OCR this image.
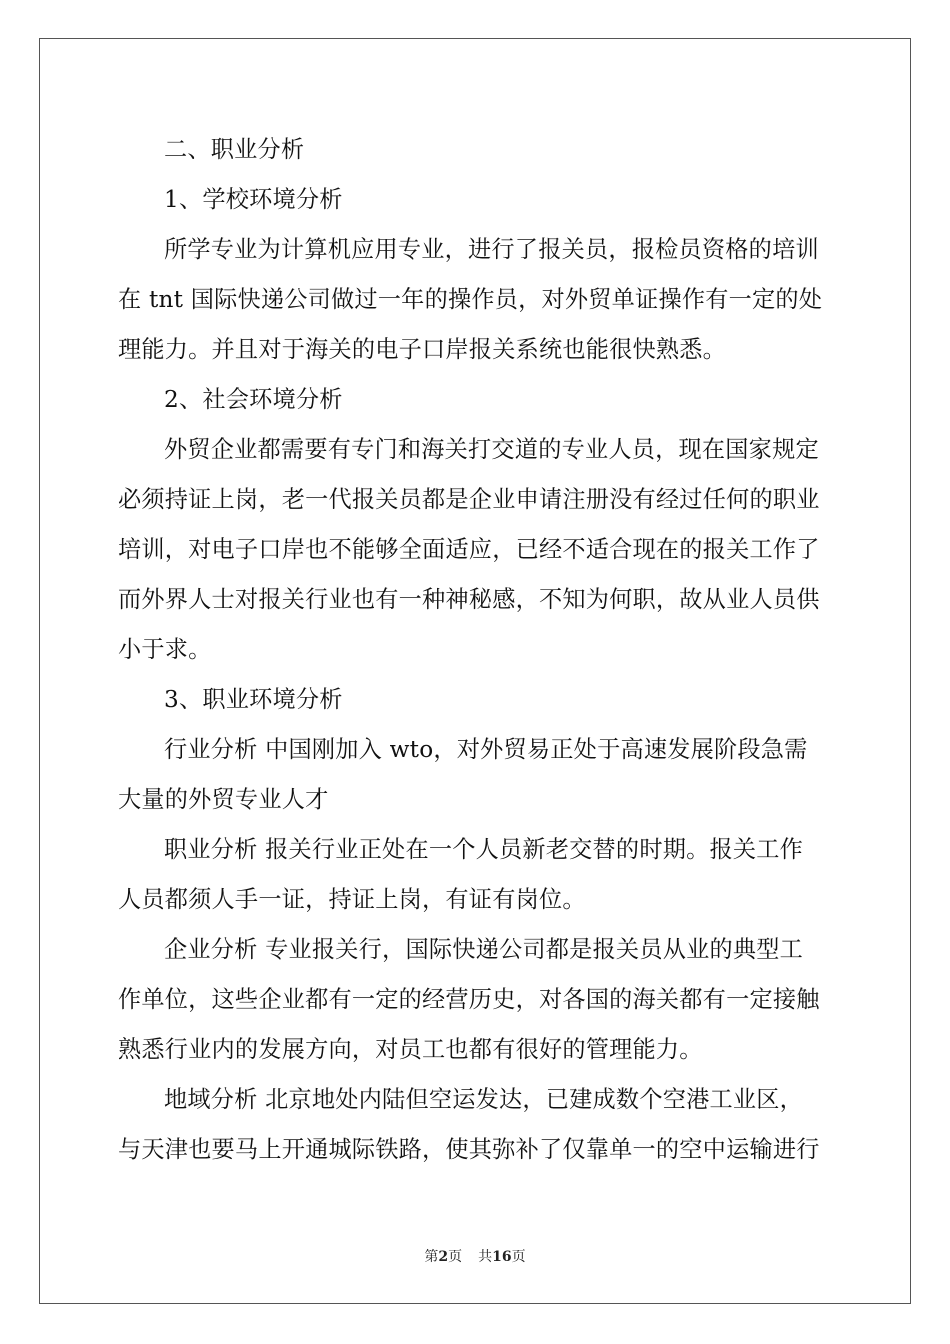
二、职业分析
1、学校环境分析
所学专业为计算机应用专业，进行了报关员，报检员资格的培训
在 tnt 国际快递公司做过一年的操作员，对外贸单证操作有一定的处
理能力。并且对于海关的电子口岸报关系统也能很快熟悉。
2、社会环境分析
外贸企业都需要有专门和海关打交道的专业人员，现在国家规定
必须持证上岗，老一代报关员都是企业申请注册没有经过任何的职业
培训，对电子口岸也不能够全面适应，已经不适合现在的报关工作了
而外界人士对报关行业也有一种神秘感，不知为何职，故从业人员供
小于求。
3、职业环境分析
行业分析 中国刚加入 wto，对外贸易正处于高速发展阶段急需
大量的外贸专业人才
职业分析 报关行业正处在一个人员新老交替的时期。报关工作
人员都须人手一证，持证上岗，有证有岗位。
企业分析 专业报关行，国际快递公司都是报关员从业的典型工
作单位，这些企业都有一定的经营历史，对各国的海关都有一定接触
熟悉行业内的发展方向，对员工也都有很好的管理能力。
地域分析 北京地处内陆但空运发达，已建成数个空港工业区，
与天津也要马上开通城际铁路，使其弥补了仅靠单一的空中运输进行
第2页 共16页
